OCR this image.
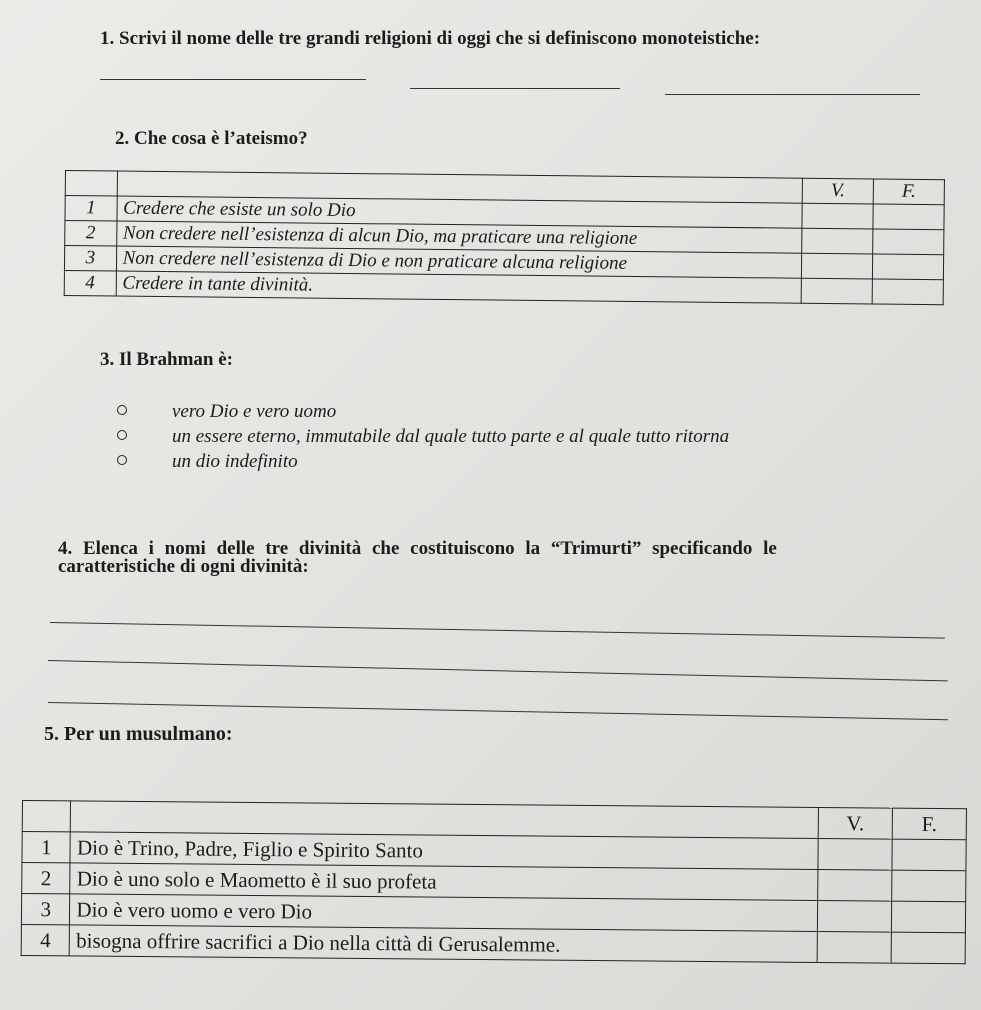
1. Scrivi il nome delle tre grandi religioni di oggi che si definiscono monoteistiche:
2. Che cosa è l’ateismo?
		V.	F.
1	Credere che esiste un solo Dio		
2	Non credere nell’esistenza di alcun Dio, ma praticare una religione		
3	Non credere nell’esistenza di Dio e non praticare alcuna religione		
4	Credere in tante divinità.		
3. Il Brahman è:
vero Dio e vero uomo
un essere eterno, immutabile dal quale tutto parte e al quale tutto ritorna
un dio indefinito
4. Elenca i nomi delle tre divinità che costituiscono la “Trimurti” specificando le
caratteristiche di ogni divinità:
5. Per un musulmano:
		V.	F.
1	Dio è Trino, Padre, Figlio e Spirito Santo		
2	Dio è uno solo e Maometto è il suo profeta		
3	Dio è vero uomo e vero Dio		
4	bisogna offrire sacrifici a Dio nella città di Gerusalemme.		
